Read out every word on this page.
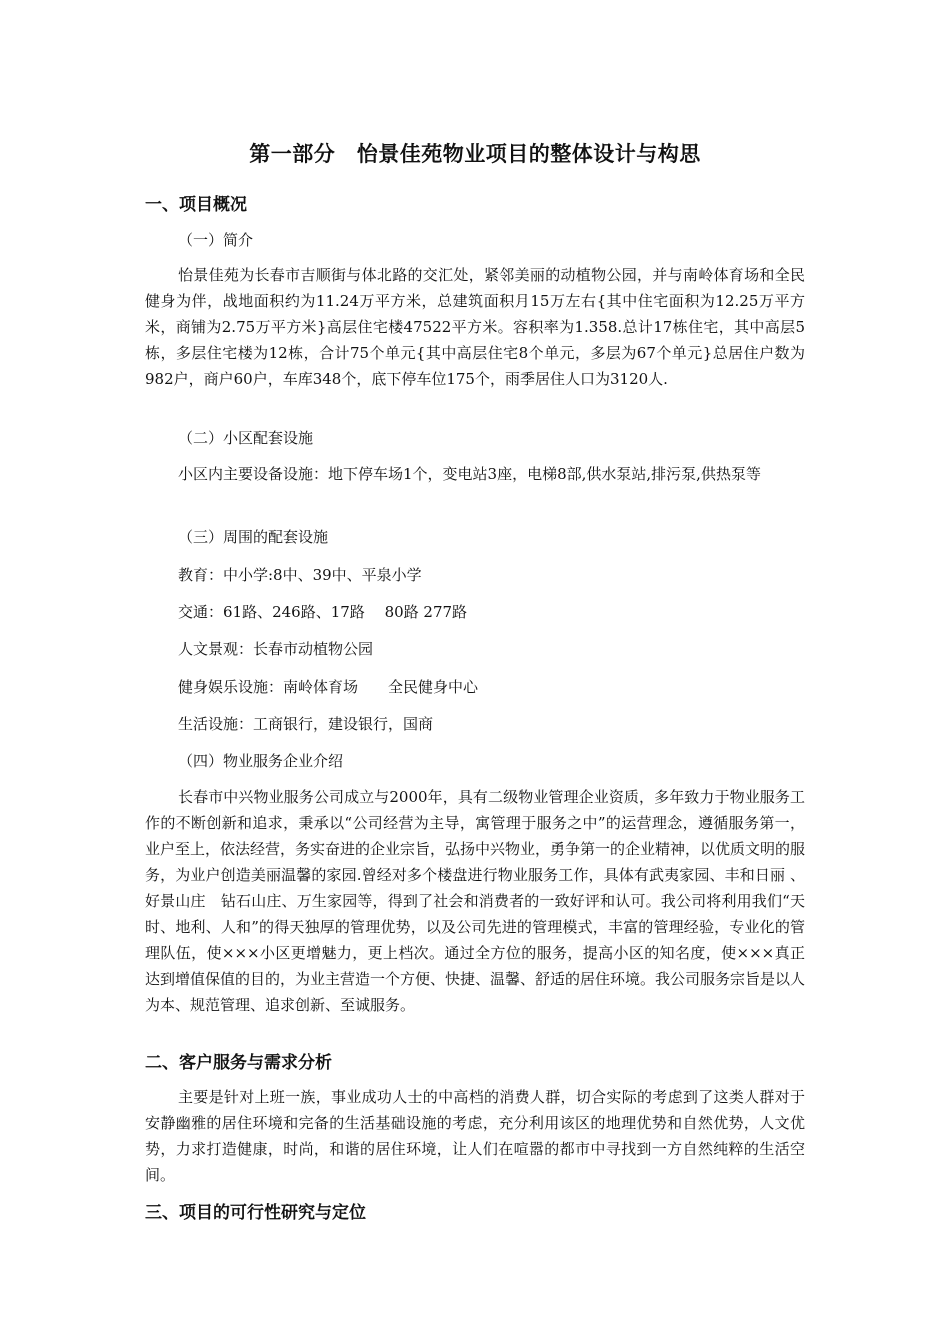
第一部分　怡景佳苑物业项目的整体设计与构思
一、项目概况
（一）简介
怡景佳苑为长春市吉顺街与体北路的交汇处，紧邻美丽的动植物公园，并与南岭体育场和全民健身为伴，战地面积约为11.24万平方米，总建筑面积月15万左右{其中住宅面积为12.25万平方米，商铺为2.75万平方米}高层住宅楼47522平方米。容积率为1.358.总计17栋住宅，其中高层5栋，多层住宅楼为12栋，合计75个单元{其中高层住宅8个单元，多层为67个单元}总居住户数为982户，商户60户，车库348个，底下停车位175个，雨季居住人口为3120人.
（二）小区配套设施
小区内主要设备设施：地下停车场1个，变电站3座，电梯8部,供水泵站,排污泵,供热泵等
（三）周围的配套设施
教育：中小学:8中、39中、平泉小学
交通：61路、246路、17路　 80路 277路
人文景观：长春市动植物公园
健身娱乐设施：南岭体育场　　全民健身中心
生活设施：工商银行，建设银行，国商
（四）物业服务企业介绍
长春市中兴物业服务公司成立与2000年，具有二级物业管理企业资质，多年致力于物业服务工作的不断创新和追求，秉承以“公司经营为主导，寓管理于服务之中”的运营理念，遵循服务第一，业户至上，依法经营，务实奋进的企业宗旨，弘扬中兴物业，勇争第一的企业精神，以优质文明的服务，为业户创造美丽温馨的家园.曾经对多个楼盘进行物业服务工作，具体有武夷家园、丰和日丽 、好景山庄　钻石山庄、万生家园等，得到了社会和消费者的一致好评和认可。我公司将利用我们“天时、地利、人和”的得天独厚的管理优势，以及公司先进的管理模式，丰富的管理经验，专业化的管理队伍，使×××小区更增魅力，更上档次。通过全方位的服务，提高小区的知名度，使×××真正达到增值保值的目的，为业主营造一个方便、快捷、温馨、舒适的居住环境。我公司服务宗旨是以人为本、规范管理、追求创新、至诚服务。
二、客户服务与需求分析
主要是针对上班一族，事业成功人士的中高档的消费人群，切合实际的考虑到了这类人群对于安静幽雅的居住环境和完备的生活基础设施的考虑，充分利用该区的地理优势和自然优势，人文优势，力求打造健康，时尚，和谐的居住环境，让人们在喧嚣的都市中寻找到一方自然纯粹的生活空间。
三、项目的可行性研究与定位
